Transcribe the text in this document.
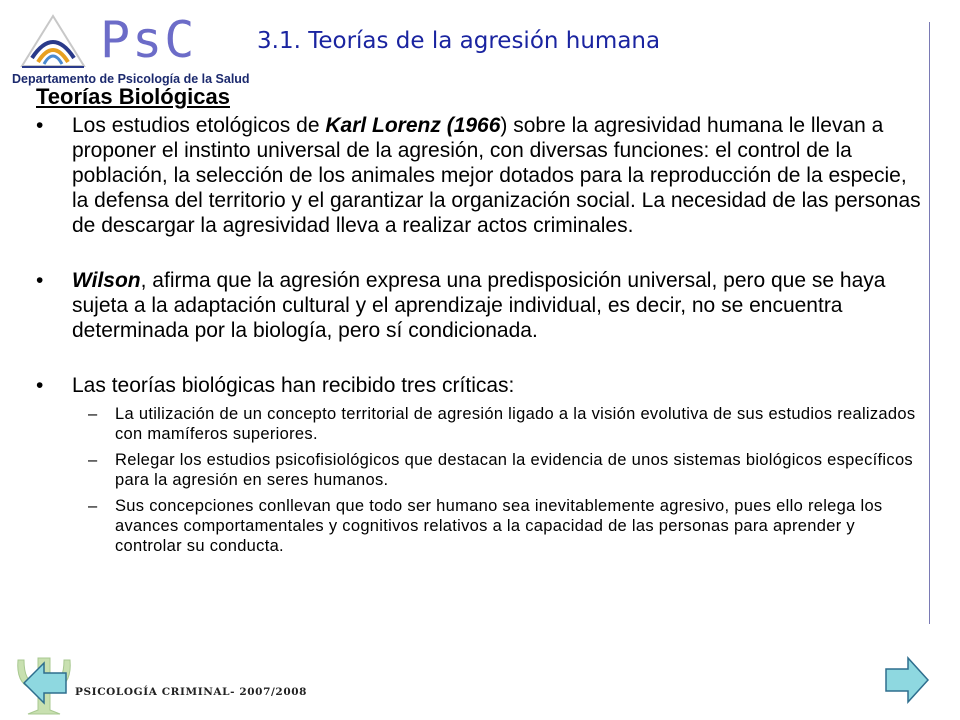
PsC
Departamento de Psicología de la Salud
3.1. Teorías de la agresión humana

Teorías Biológicas

• Los estudios etológicos de Karl Lorenz (1966) sobre la agresividad humana le llevan a proponer el instinto universal de la agresión, con diversas funciones: el control de la población, la selección de los animales mejor dotados para la reproducción de la especie, la defensa del territorio y el garantizar la organización social. La necesidad de las personas de descargar la agresividad lleva a realizar actos criminales.
• Wilson, afirma que la agresión expresa una predisposición universal, pero que se haya sujeta a la adaptación cultural y el aprendizaje individual, es decir, no se encuentra determinada por la biología, pero sí condicionada.
• Las teorías biológicas han recibido tres críticas:
– La utilización de un concepto territorial de agresión ligado a la visión evolutiva de sus estudios realizados con mamíferos superiores.
– Relegar los estudios psicofisiológicos que destacan la evidencia de unos sistemas biológicos específicos para la agresión en seres humanos.
– Sus concepciones conllevan que todo ser humano sea inevitablemente agresivo, pues ello relega los avances comportamentales y cognitivos relativos a la capacidad de las personas para aprender y controlar su conducta.
PSICOLOGÍA CRIMINAL- 2007/2008
